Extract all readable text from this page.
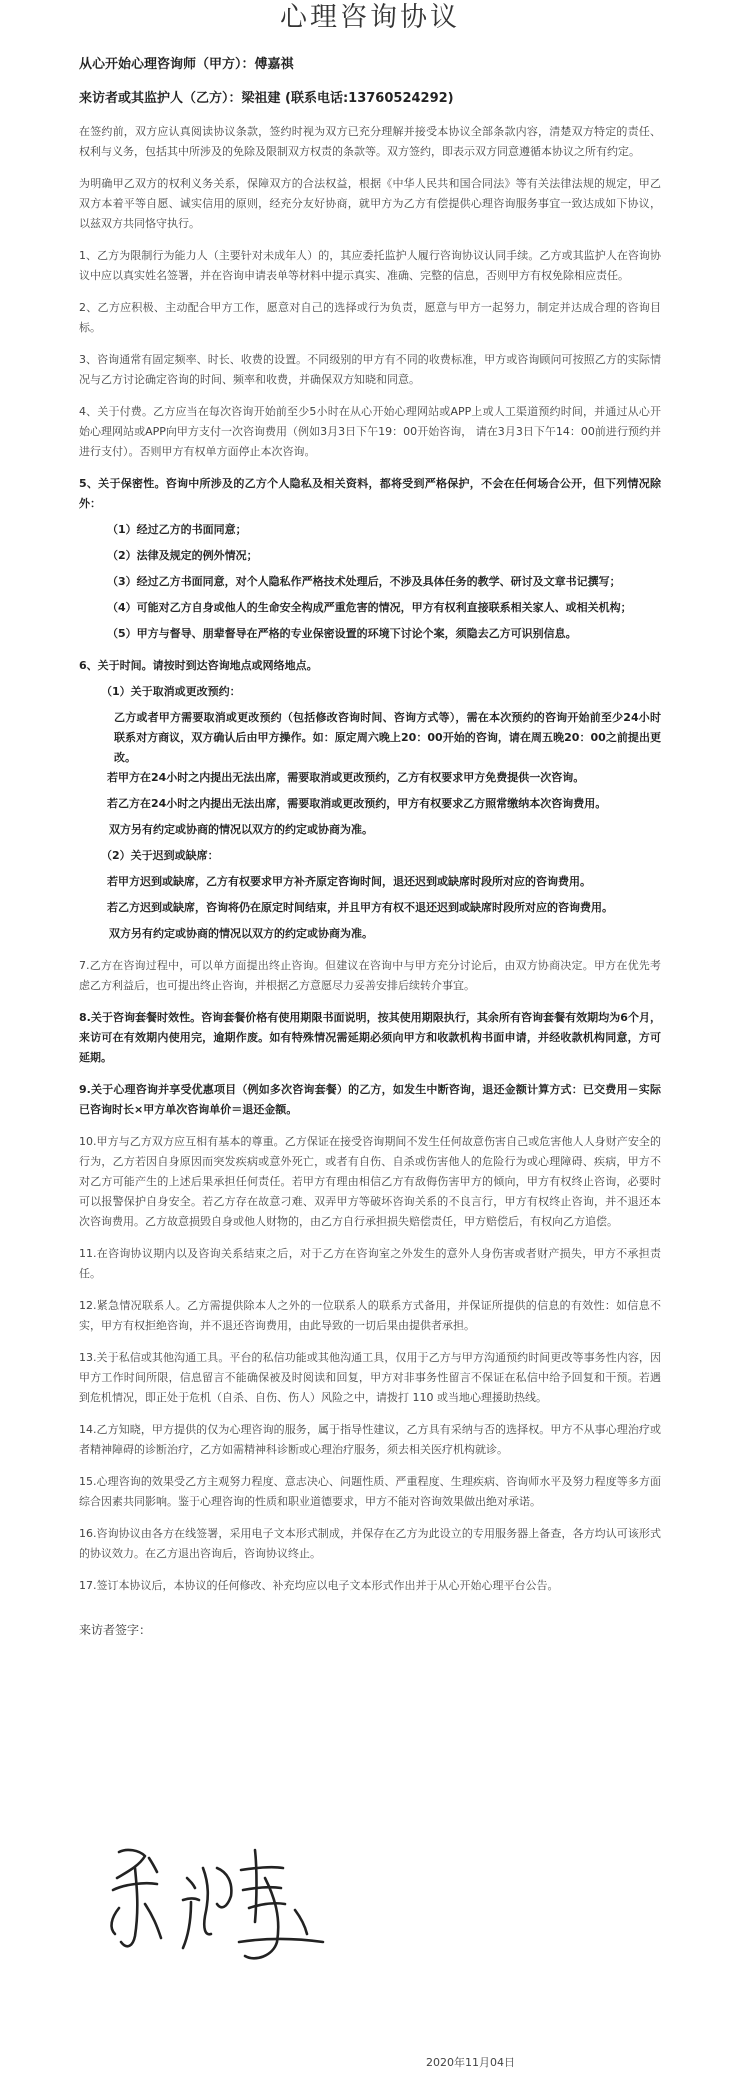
心理咨询协议

从心开始心理咨询师（甲方）：傅嘉祺

来访者或其监护人（乙方）：梁祖建 (联系电话:13760524292)

在签约前，双方应认真阅读协议条款，签约时视为双方已充分理解并接受本协议全部条款内容，清楚双方特定的责任、权利与义务，包括其中所涉及的免除及限制双方权责的条款等。双方签约，即表示双方同意遵循本协议之所有约定。

为明确甲乙双方的权利义务关系，保障双方的合法权益，根据《中华人民共和国合同法》等有关法律法规的规定，甲乙双方本着平等自愿、诚实信用的原则，经充分友好协商，就甲方为乙方有偿提供心理咨询服务事宜一致达成如下协议，以兹双方共同恪守执行。

1、乙方为限制行为能力人（主要针对未成年人）的，其应委托监护人履行咨询协议认同手续。乙方或其监护人在咨询协议中应以真实姓名签署，并在咨询申请表单等材料中提示真实、准确、完整的信息，否则甲方有权免除相应责任。

2、乙方应积极、主动配合甲方工作，愿意对自己的选择或行为负责，愿意与甲方一起努力，制定并达成合理的咨询目标。

3、咨询通常有固定频率、时长、收费的设置。不同级别的甲方有不同的收费标准，甲方或咨询顾问可按照乙方的实际情况与乙方讨论确定咨询的时间、频率和收费，并确保双方知晓和同意。

4、关于付费。乙方应当在每次咨询开始前至少5小时在从心开始心理网站或APP上或人工渠道预约时间，并通过从心开始心理网站或APP向甲方支付一次咨询费用（例如3月3日下午19：00开始咨询， 请在3月3日下午14：00前进行预约并进行支付）。否则甲方有权单方面停止本次咨询。

5、关于保密性。咨询中所涉及的乙方个人隐私及相关资料，都将受到严格保护，不会在任何场合公开，但下列情况除外：

（1）经过乙方的书面同意；

（2）法律及规定的例外情况；

（3）经过乙方书面同意，对个人隐私作严格技术处理后，不涉及具体任务的教学、研讨及文章书记撰写；

（4）可能对乙方自身或他人的生命安全构成严重危害的情况，甲方有权利直接联系相关家人、或相关机构；

（5）甲方与督导、朋辈督导在严格的专业保密设置的环境下讨论个案，须隐去乙方可识别信息。

6、关于时间。请按时到达咨询地点或网络地点。

（1）关于取消或更改预约：

乙方或者甲方需要取消或更改预约（包括修改咨询时间、咨询方式等），需在本次预约的咨询开始前至少24小时联系对方商议，双方确认后由甲方操作。如：原定周六晚上20：00开始的咨询，请在周五晚20：00之前提出更改。

若甲方在24小时之内提出无法出席，需要取消或更改预约，乙方有权要求甲方免费提供一次咨询。

若乙方在24小时之内提出无法出席，需要取消或更改预约，甲方有权要求乙方照常缴纳本次咨询费用。

双方另有约定或协商的情况以双方的约定或协商为准。

（2）关于迟到或缺席：

若甲方迟到或缺席，乙方有权要求甲方补齐原定咨询时间，退还迟到或缺席时段所对应的咨询费用。

若乙方迟到或缺席，咨询将仍在原定时间结束，并且甲方有权不退还迟到或缺席时段所对应的咨询费用。

双方另有约定或协商的情况以双方的约定或协商为准。

7.乙方在咨询过程中，可以单方面提出终止咨询。但建议在咨询中与甲方充分讨论后，由双方协商决定。甲方在优先考虑乙方利益后，也可提出终止咨询，并根据乙方意愿尽力妥善安排后续转介事宜。

8.关于咨询套餐时效性。咨询套餐价格有使用期限书面说明，按其使用期限执行，其余所有咨询套餐有效期均为6个月，来访可在有效期内使用完，逾期作废。如有特殊情况需延期必须向甲方和收款机构书面申请，并经收款机构同意，方可延期。

9.关于心理咨询并享受优惠项目（例如多次咨询套餐）的乙方，如发生中断咨询，退还金额计算方式：已交费用－实际已咨询时长×甲方单次咨询单价＝退还金额。

10.甲方与乙方双方应互相有基本的尊重。乙方保证在接受咨询期间不发生任何故意伤害自己或危害他人人身财产安全的行为，乙方若因自身原因而突发疾病或意外死亡，或者有自伤、自杀或伤害他人的危险行为或心理障碍、疾病，甲方不对乙方可能产生的上述后果承担任何责任。若甲方有理由相信乙方有敌侮伤害甲方的倾向，甲方有权终止咨询，必要时可以报警保护自身安全。若乙方存在故意刁难、双弄甲方等破坏咨询关系的不良言行，甲方有权终止咨询，并不退还本次咨询费用。乙方故意损毁自身或他人财物的，由乙方自行承担损失赔偿责任，甲方赔偿后，有权向乙方追偿。

11.在咨询协议期内以及咨询关系结束之后，对于乙方在咨询室之外发生的意外人身伤害或者财产损失，甲方不承担责任。

12.紧急情况联系人。乙方需提供除本人之外的一位联系人的联系方式备用，并保证所提供的信息的有效性：如信息不实，甲方有权拒绝咨询，并不退还咨询费用，由此导致的一切后果由提供者承担。

13.关于私信或其他沟通工具。平台的私信功能或其他沟通工具，仅用于乙方与甲方沟通预约时间更改等事务性内容，因甲方工作时间所限，信息留言不能确保被及时阅读和回复，甲方对非事务性留言不保证在私信中给予回复和干预。若遇到危机情况，即正处于危机（自杀、自伤、伤人）风险之中，请拨打 110 或当地心理援助热线。

14.乙方知晓，甲方提供的仅为心理咨询的服务，属于指导性建议，乙方具有采纳与否的选择权。甲方不从事心理治疗或者精神障碍的诊断治疗，乙方如需精神科诊断或心理治疗服务，须去相关医疗机构就诊。

15.心理咨询的效果受乙方主观努力程度、意志决心、问题性质、严重程度、生理疾病、咨询师水平及努力程度等多方面综合因素共同影响。鉴于心理咨询的性质和职业道德要求，甲方不能对咨询效果做出绝对承诺。

16.咨询协议由各方在线签署，采用电子文本形式制成，并保存在乙方为此设立的专用服务器上备查，各方均认可该形式的协议效力。在乙方退出咨询后，咨询协议终止。

17.签订本协议后，本协议的任何修改、补充均应以电子文本形式作出并于从心开始心理平台公告。

来访者签字：

2020年11月04日
